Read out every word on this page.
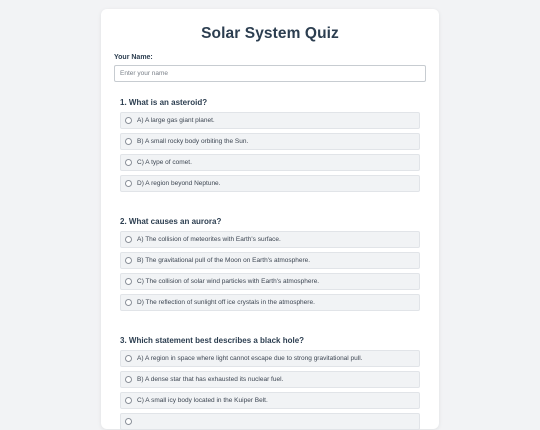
Solar System Quiz
Your Name:
Enter your name
1. What is an asteroid?
A) A large gas giant planet.
B) A small rocky body orbiting the Sun.
C) A type of comet.
D) A region beyond Neptune.
2. What causes an aurora?
A) The collision of meteorites with Earth's surface.
B) The gravitational pull of the Moon on Earth's atmosphere.
C) The collision of solar wind particles with Earth's atmosphere.
D) The reflection of sunlight off ice crystals in the atmosphere.
3. Which statement best describes a black hole?
A) A region in space where light cannot escape due to strong gravitational pull.
B) A dense star that has exhausted its nuclear fuel.
C) A small icy body located in the Kuiper Belt.
